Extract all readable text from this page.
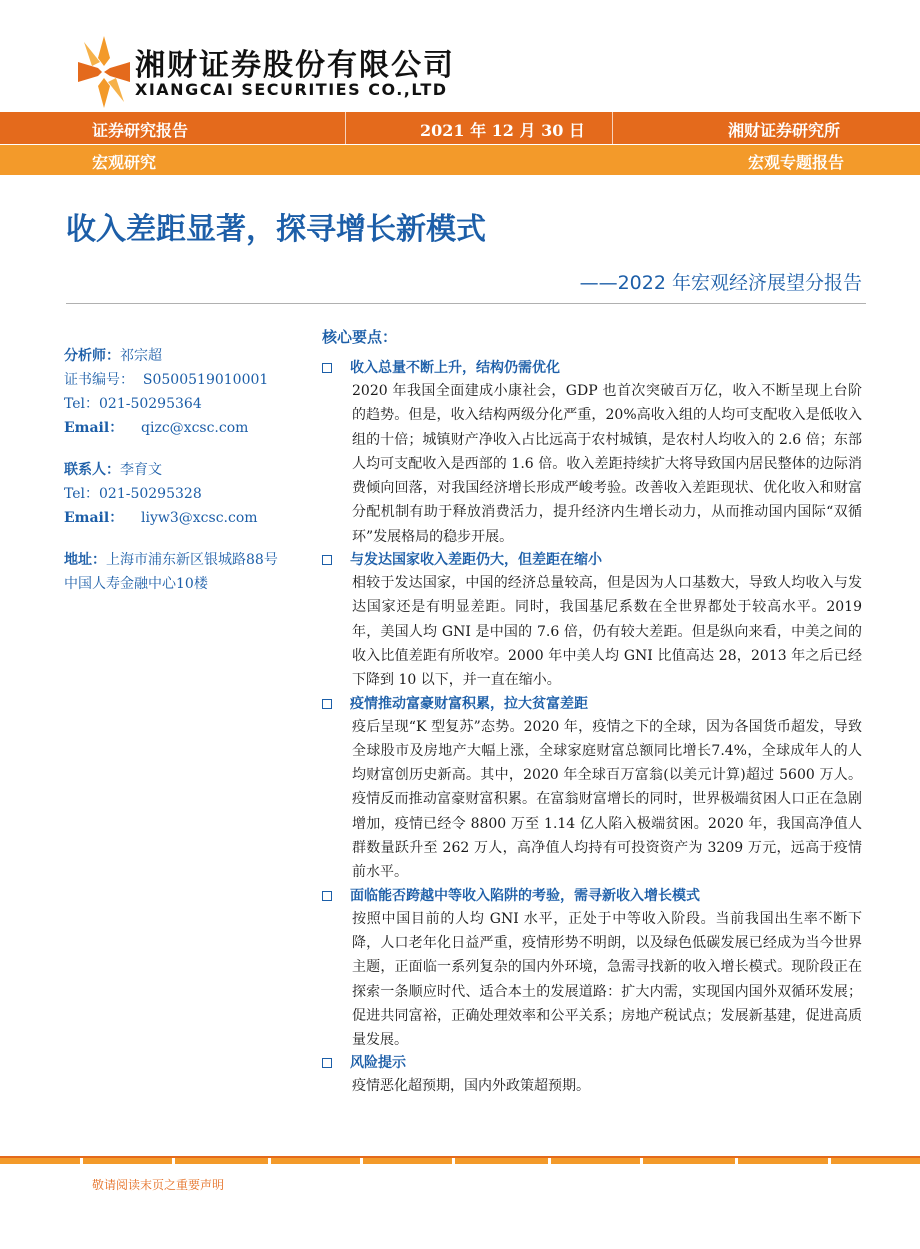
湘财证券股份有限公司
XIANGCAI SECURITIES CO.,LTD
证券研究报告	2021 年 12 月 30 日	湘财证券研究所
宏观研究	宏观专题报告
收入差距显著，探寻增长新模式
——2022 年宏观经济展望分报告
分析师：祁宗超
证书编号： S0500519010001
Tel：021-50295364
Email： qizc@xcsc.com
联系人：李育文
Tel：021-50295328
Email： liyw3@xcsc.com
地址：上海市浦东新区银城路88号
中国人寿金融中心10楼
核心要点：
收入总量不断上升，结构仍需优化
2020 年我国全面建成小康社会，GDP 也首次突破百万亿，收入不断呈现上台阶的趋势。但是，收入结构两级分化严重，20%高收入组的人均可支配收入是低收入组的十倍；城镇财产净收入占比远高于农村城镇，是农村人均收入的 2.6 倍；东部人均可支配收入是西部的 1.6 倍。收入差距持续扩大将导致国内居民整体的边际消费倾向回落，对我国经济增长形成严峻考验。改善收入差距现状、优化收入和财富分配机制有助于释放消费活力，提升经济内生增长动力，从而推动国内国际“双循环”发展格局的稳步开展。
与发达国家收入差距仍大，但差距在缩小
相较于发达国家，中国的经济总量较高，但是因为人口基数大，导致人均收入与发达国家还是有明显差距。同时，我国基尼系数在全世界都处于较高水平。2019 年，美国人均 GNI 是中国的 7.6 倍，仍有较大差距。但是纵向来看，中美之间的收入比值差距有所收窄。2000 年中美人均 GNI 比值高达 28，2013 年之后已经下降到 10 以下，并一直在缩小。
疫情推动富豪财富积累，拉大贫富差距
疫后呈现“K 型复苏”态势。2020 年，疫情之下的全球，因为各国货币超发，导致全球股市及房地产大幅上涨，全球家庭财富总额同比增长7.4%，全球成年人的人均财富创历史新高。其中，2020 年全球百万富翁(以美元计算)超过 5600 万人。疫情反而推动富豪财富积累。在富翁财富增长的同时，世界极端贫困人口正在急剧增加，疫情已经令 8800 万至 1.14 亿人陷入极端贫困。2020 年，我国高净值人群数量跃升至 262 万人，高净值人均持有可投资资产为 3209 万元，远高于疫情前水平。
面临能否跨越中等收入陷阱的考验，需寻新收入增长模式
按照中国目前的人均 GNI 水平，正处于中等收入阶段。当前我国出生率不断下降，人口老年化日益严重，疫情形势不明朗，以及绿色低碳发展已经成为当今世界主题，正面临一系列复杂的国内外环境，急需寻找新的收入增长模式。现阶段正在探索一条顺应时代、适合本土的发展道路：扩大内需，实现国内国外双循环发展；促进共同富裕，正确处理效率和公平关系；房地产税试点；发展新基建，促进高质量发展。
风险提示
疫情恶化超预期，国内外政策超预期。
敬请阅读末页之重要声明
